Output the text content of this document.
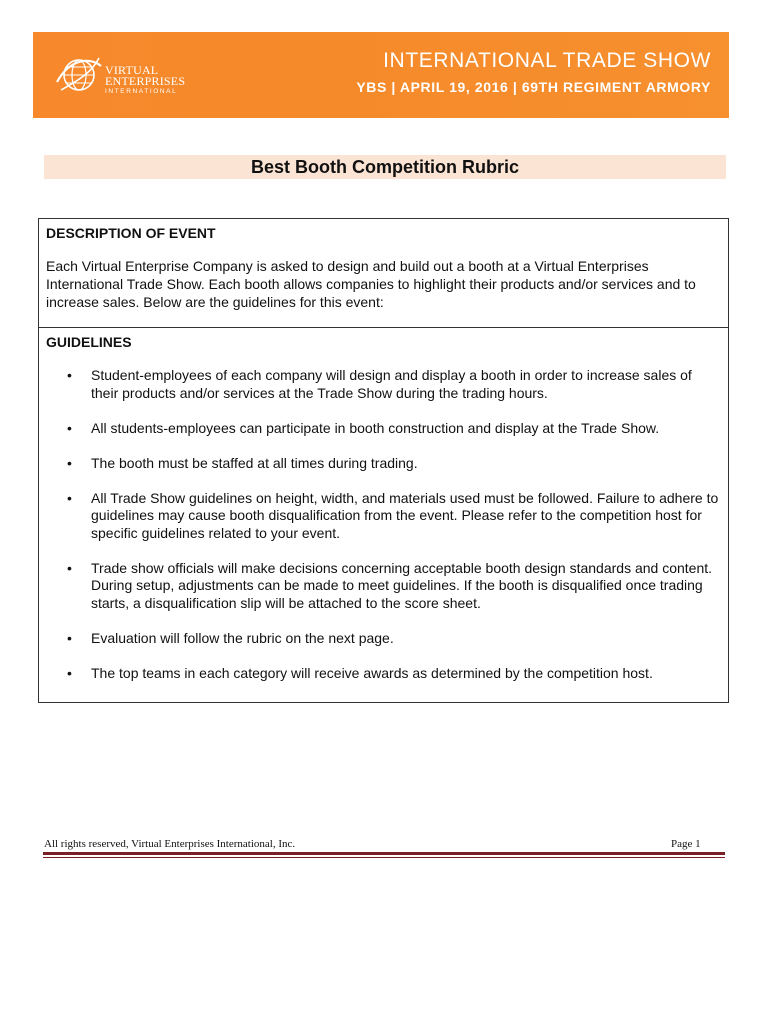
VIRTUAL
ENTERPRISES
INTERNATIONAL
INTERNATIONAL TRADE SHOW
YBS | APRIL 19, 2016 | 69TH REGIMENT ARMORY
Best Booth Competition Rubric
DESCRIPTION OF EVENT
Each Virtual Enterprise Company is asked to design and build out a booth at a Virtual Enterprises International Trade Show. Each booth allows companies to highlight their products and/or services and to increase sales. Below are the guidelines for this event:
GUIDELINES
• Student-employees of each company will design and display a booth in order to increase sales of their products and/or services at the Trade Show during the trading hours.
• All students-employees can participate in booth construction and display at the Trade Show.
• The booth must be staffed at all times during trading.
• All Trade Show guidelines on height, width, and materials used must be followed. Failure to adhere to guidelines may cause booth disqualification from the event. Please refer to the competition host for specific guidelines related to your event.
• Trade show officials will make decisions concerning acceptable booth design standards and content. During setup, adjustments can be made to meet guidelines. If the booth is disqualified once trading starts, a disqualification slip will be attached to the score sheet.
• Evaluation will follow the rubric on the next page.
• The top teams in each category will receive awards as determined by the competition host.
All rights reserved, Virtual Enterprises International, Inc.	Page 1
